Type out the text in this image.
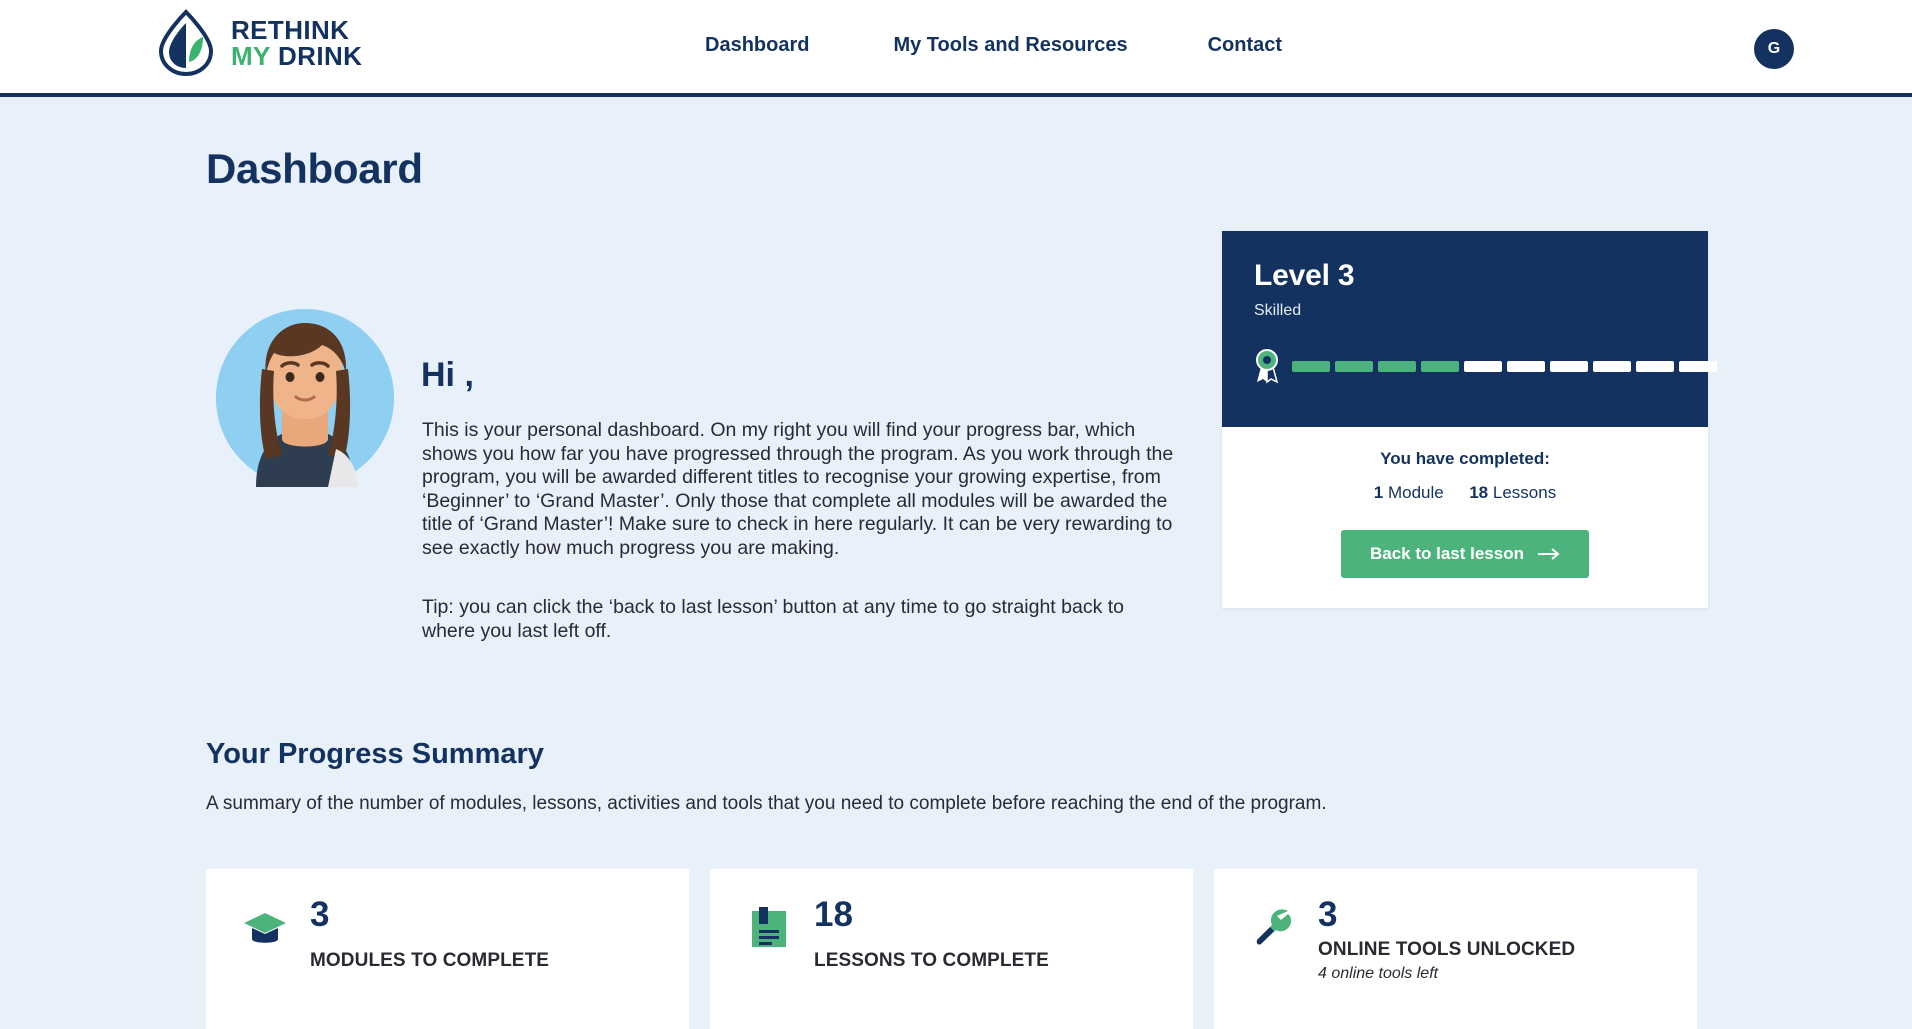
RETHINK
MY DRINK	Dashboard	My Tools and Resources	Contact	G
Dashboard
Hi ,
This is your personal dashboard. On my right you will find your progress bar, which shows you how far you have progressed through the program. As you work through the program, you will be awarded different titles to recognise your growing expertise, from ‘Beginner’ to ‘Grand Master’. Only those that complete all modules will be awarded the title of ‘Grand Master’! Make sure to check in here regularly. It can be very rewarding to see exactly how much progress you are making.
Tip: you can click the ‘back to last lesson’ button at any time to go straight back to where you last left off.
Level 3
Skilled
You have completed:
1 Module 18 Lessons
Back to last lesson
Your Progress Summary
A summary of the number of modules, lessons, activities and tools that you need to complete before reaching the end of the program.
3
MODULES TO COMPLETE
18
LESSONS TO COMPLETE
3
ONLINE TOOLS UNLOCKED
4 online tools left
